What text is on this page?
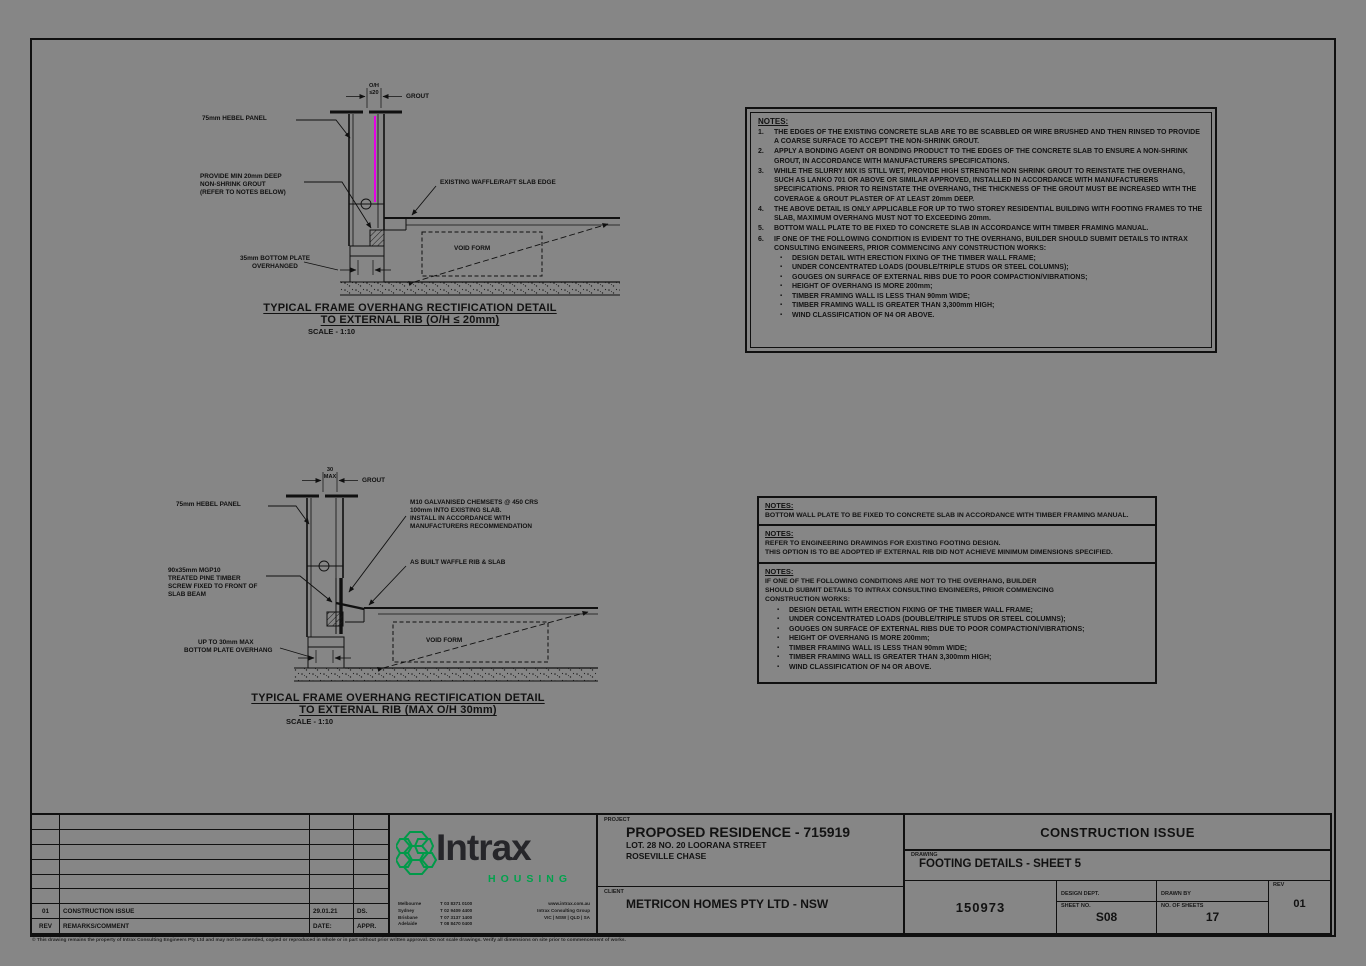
O/H
≤20	GROUT
75mm HEBEL PANEL
PROVIDE MIN 20mm DEEP
NON-SHRINK GROUT
(REFER TO NOTES BELOW)
EXISTING WAFFLE/RAFT SLAB EDGE
VOID FORM
35mm BOTTOM PLATE
OVERHANGED
TYPICAL FRAME OVERHANG RECTIFICATION DETAIL
TO EXTERNAL RIB (O/H ≤ 20mm)
SCALE - 1:10
NOTES:
1.	THE EDGES OF THE EXISTING CONCRETE SLAB ARE TO BE SCABBLED OR WIRE BRUSHED AND THEN RINSED TO PROVIDE A COARSE SURFACE TO ACCEPT THE NON-SHRINK GROUT.
2.	APPLY A BONDING AGENT OR BONDING PRODUCT TO THE EDGES OF THE CONCRETE SLAB TO ENSURE A NON-SHRINK GROUT, IN ACCORDANCE WITH MANUFACTURERS SPECIFICATIONS.
3.	WHILE THE SLURRY MIX IS STILL WET, PROVIDE HIGH STRENGTH NON SHRINK GROUT TO REINSTATE THE OVERHANG, SUCH AS LANKO 701 OR ABOVE OR SIMILAR APPROVED, INSTALLED IN ACCORDANCE WITH MANUFACTURERS SPECIFICATIONS. PRIOR TO REINSTATE THE OVERHANG, THE THICKNESS OF THE GROUT MUST BE INCREASED WITH THE COVERAGE & GROUT PLASTER OF AT LEAST 20mm DEEP.
4.	THE ABOVE DETAIL IS ONLY APPLICABLE FOR UP TO TWO STOREY RESIDENTIAL BUILDING WITH FOOTING FRAMES TO THE SLAB, MAXIMUM OVERHANG MUST NOT TO EXCEEDING 20mm.
5.	BOTTOM WALL PLATE TO BE FIXED TO CONCRETE SLAB IN ACCORDANCE WITH TIMBER FRAMING MANUAL.
6.	IF ONE OF THE FOLLOWING CONDITION IS EVIDENT TO THE OVERHANG, BUILDER SHOULD SUBMIT DETAILS TO INTRAX CONSULTING ENGINEERS, PRIOR COMMENCING ANY CONSTRUCTION WORKS:
▪ DESIGN DETAIL WITH ERECTION FIXING OF THE TIMBER WALL FRAME;
▪ UNDER CONCENTRATED LOADS (DOUBLE/TRIPLE STUDS OR STEEL COLUMNS);
▪ GOUGES ON SURFACE OF EXTERNAL RIBS DUE TO POOR COMPACTION/VIBRATIONS;
▪ HEIGHT OF OVERHANG IS MORE 200mm;
▪ TIMBER FRAMING WALL IS LESS THAN 90mm WIDE;
▪ TIMBER FRAMING WALL IS GREATER THAN 3,300mm HIGH;
▪ WIND CLASSIFICATION OF N4 OR ABOVE.
30
MAX	GROUT
75mm HEBEL PANEL
90x35mm MGP10
TREATED PINE TIMBER
SCREW FIXED TO FRONT OF
SLAB BEAM
M10 GALVANISED CHEMSETS @ 450 CRS
100mm INTO EXISTING SLAB.
INSTALL IN ACCORDANCE WITH
MANUFACTURERS RECOMMENDATION
AS BUILT WAFFLE RIB & SLAB
VOID FORM
UP TO 30mm MAX
BOTTOM PLATE OVERHANG
TYPICAL FRAME OVERHANG RECTIFICATION DETAIL
TO EXTERNAL RIB (MAX O/H 30mm)
SCALE - 1:10
NOTES:
BOTTOM WALL PLATE TO BE FIXED TO CONCRETE SLAB IN ACCORDANCE WITH TIMBER FRAMING MANUAL.
NOTES:
REFER TO ENGINEERING DRAWINGS FOR EXISTING FOOTING DESIGN.
THIS OPTION IS TO BE ADOPTED IF EXTERNAL RIB DID NOT ACHIEVE MINIMUM DIMENSIONS SPECIFIED.
NOTES:
IF ONE OF THE FOLLOWING CONDITIONS ARE NOT TO THE OVERHANG, BUILDER
SHOULD SUBMIT DETAILS TO INTRAX CONSULTING ENGINEERS, PRIOR COMMENCING
CONSTRUCTION WORKS:
▪ DESIGN DETAIL WITH ERECTION FIXING OF THE TIMBER WALL FRAME;
▪ UNDER CONCENTRATED LOADS (DOUBLE/TRIPLE STUDS OR STEEL COLUMNS);
▪ GOUGES ON SURFACE OF EXTERNAL RIBS DUE TO POOR COMPACTION/VIBRATIONS;
▪ HEIGHT OF OVERHANG IS MORE 200mm;
▪ TIMBER FRAMING WALL IS LESS THAN 90mm WIDE;
▪ TIMBER FRAMING WALL IS GREATER THAN 3,300mm HIGH;
▪ WIND CLASSIFICATION OF N4 OR ABOVE.
01	CONSTRUCTION ISSUE	29.01.21	DS.
REV	REMARKS/COMMENT	DATE:	APPR.
Intrax
HOUSING
Melbourne
Sydney
Brisbane
Adelaide
T 03 8371 0100
T 02 9409 4400
T 07 3137 1400
T 08 8470 0400
www.intrax.com.au
Intrax Consulting Group
VIC | NSW | QLD | SA
PROJECT
PROPOSED RESIDENCE - 715919
LOT. 28 NO. 20 LOORANA STREET
ROSEVILLE CHASE
CLIENT
METRICON HOMES PTY LTD - NSW
CONSTRUCTION ISSUE
DRAWING
FOOTING DETAILS - SHEET 5
150973
DESIGN DEPT.
SHEET NO.
S08
DRAWN BY
NO. OF SHEETS
17
REV
01
© This drawing remains the property of Intrax Consulting Engineers Pty Ltd and may not be amended, copied or reproduced in whole or in part without prior written approval. Do not scale drawings. Verify all dimensions on site prior to commencement of works.
